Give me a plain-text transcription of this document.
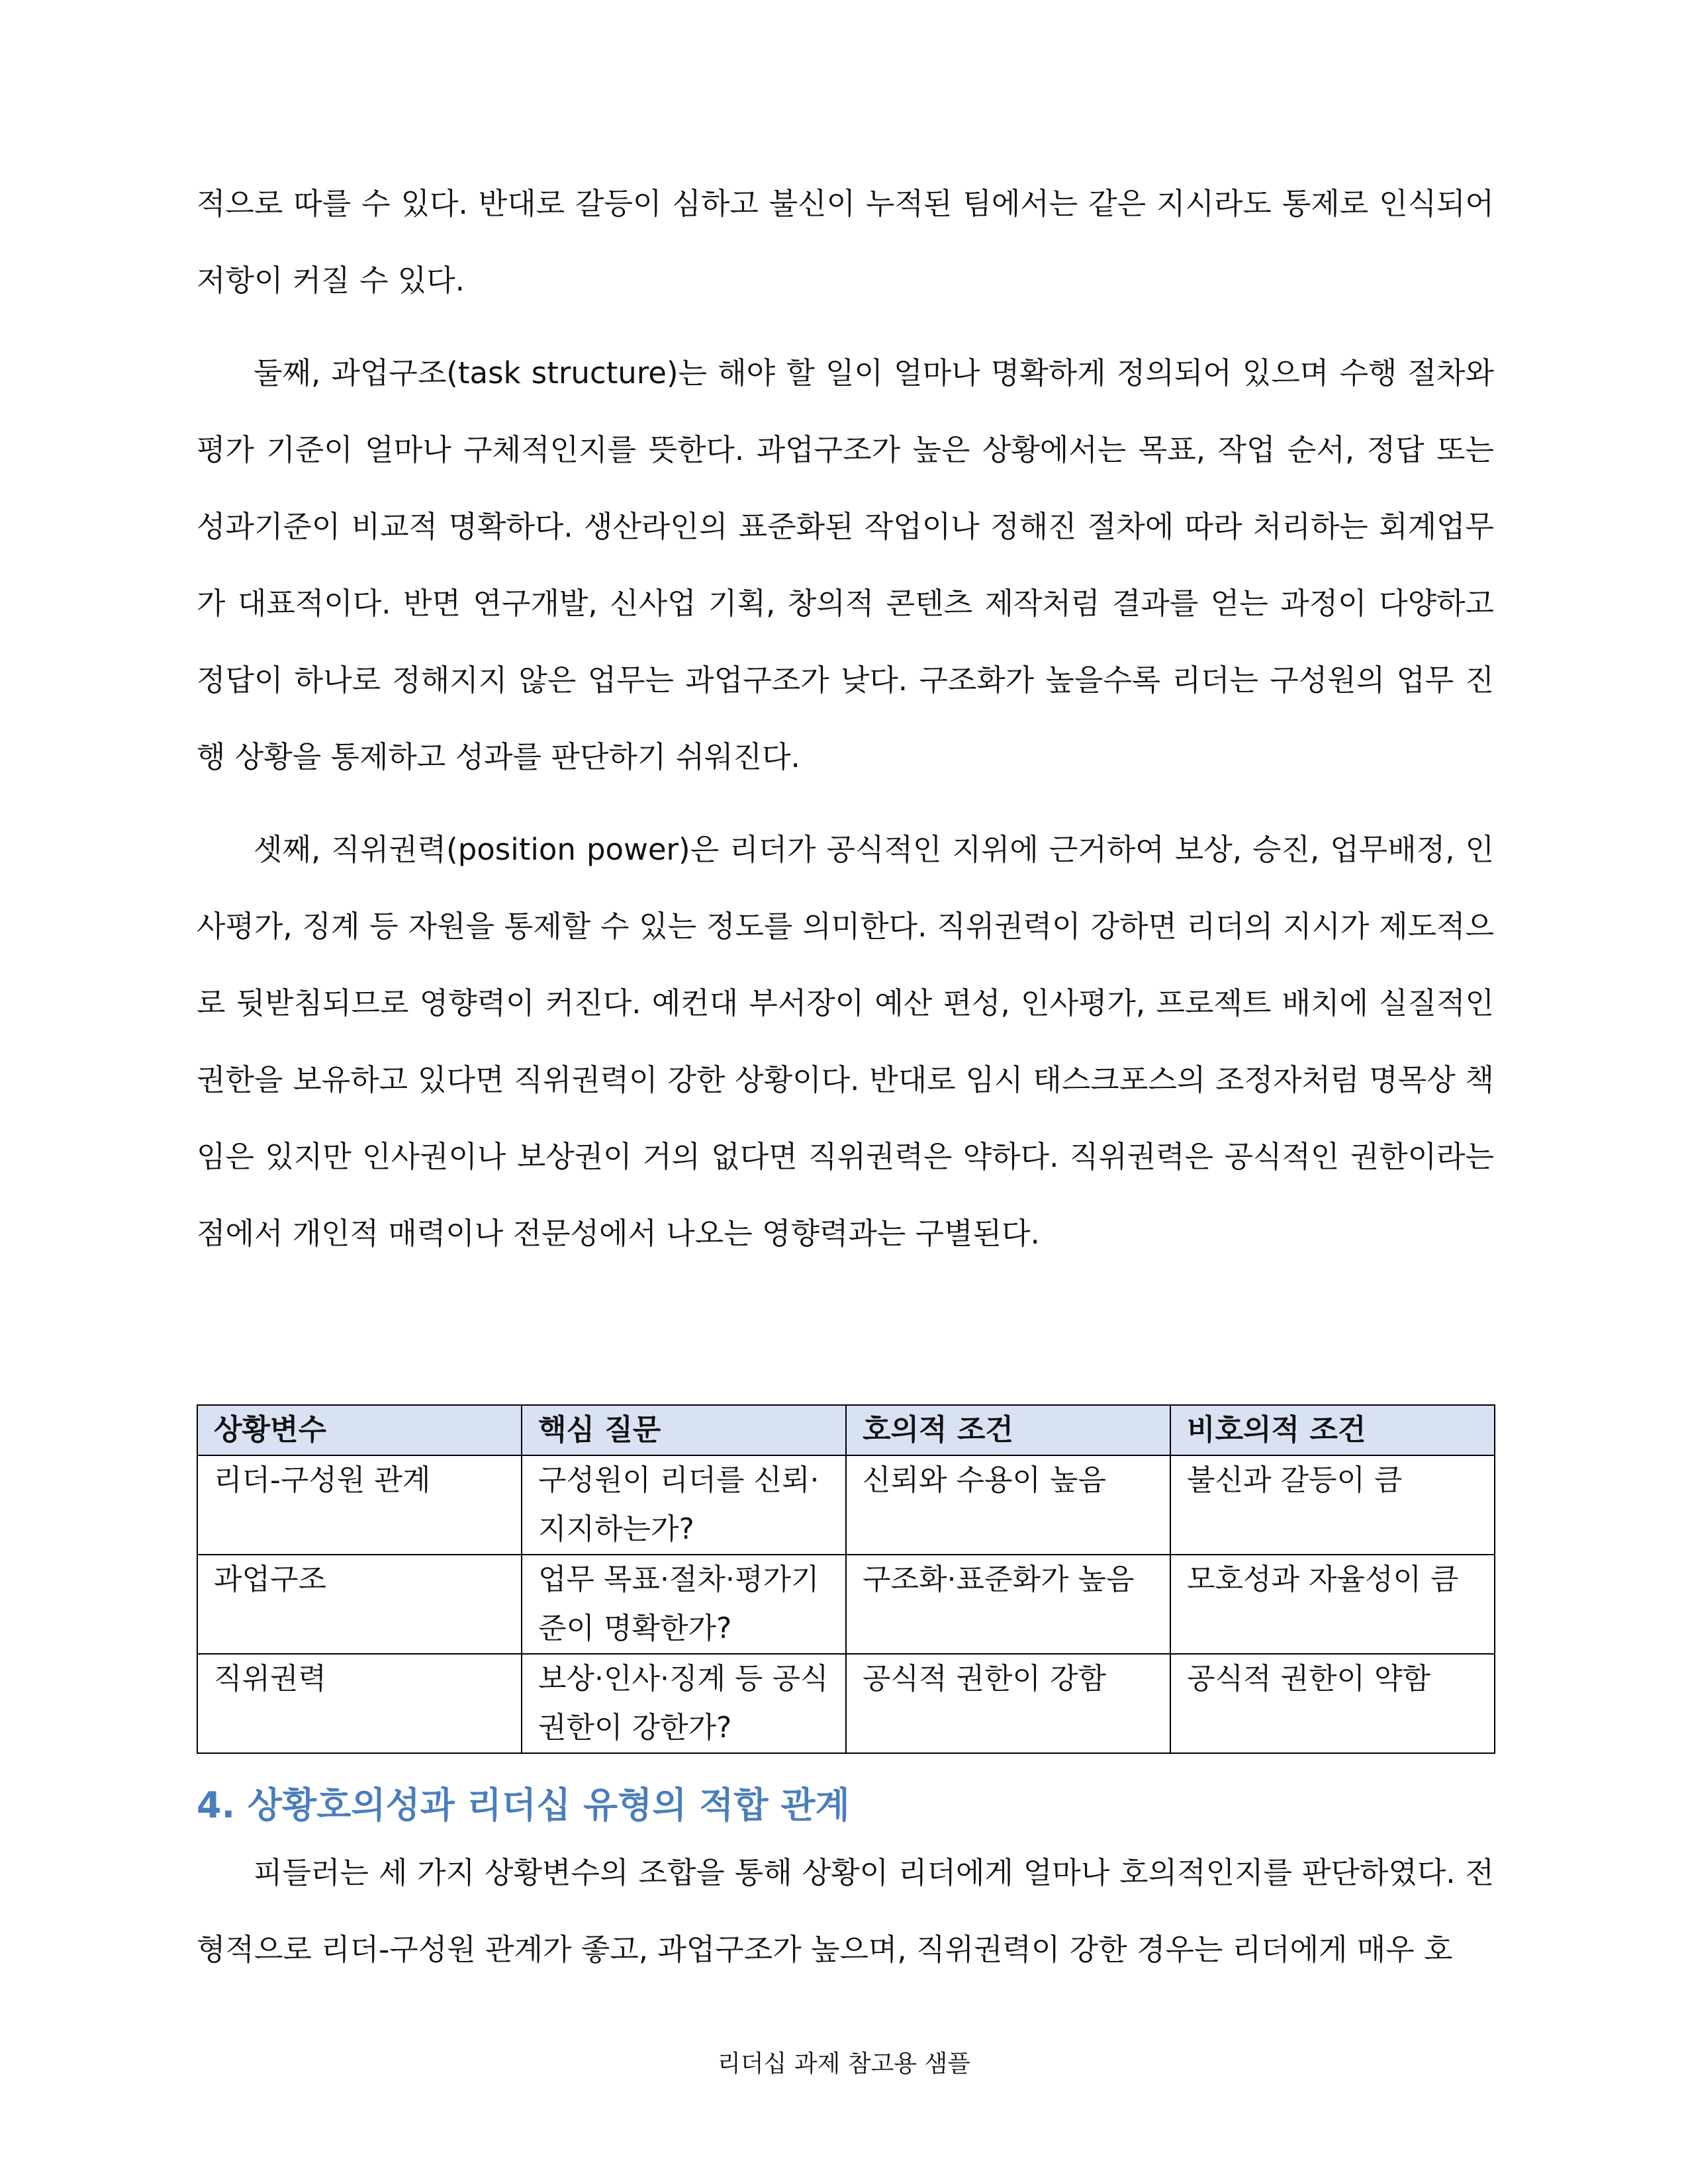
적으로 따를 수 있다. 반대로 갈등이 심하고 불신이 누적된 팀에서는 같은 지시라도 통제로 인식되어 저항이 커질 수 있다.

둘째, 과업구조(task structure)는 해야 할 일이 얼마나 명확하게 정의되어 있으며 수행 절차와 평가 기준이 얼마나 구체적인지를 뜻한다. 과업구조가 높은 상황에서는 목표, 작업 순서, 정답 또는 성과기준이 비교적 명확하다. 생산라인의 표준화된 작업이나 정해진 절차에 따라 처리하는 회계업무가 대표적이다. 반면 연구개발, 신사업 기획, 창의적 콘텐츠 제작처럼 결과를 얻는 과정이 다양하고 정답이 하나로 정해지지 않은 업무는 과업구조가 낮다. 구조화가 높을수록 리더는 구성원의 업무 진행 상황을 통제하고 성과를 판단하기 쉬워진다.

셋째, 직위권력(position power)은 리더가 공식적인 지위에 근거하여 보상, 승진, 업무배정, 인사평가, 징계 등 자원을 통제할 수 있는 정도를 의미한다. 직위권력이 강하면 리더의 지시가 제도적으로 뒷받침되므로 영향력이 커진다. 예컨대 부서장이 예산 편성, 인사평가, 프로젝트 배치에 실질적인 권한을 보유하고 있다면 직위권력이 강한 상황이다. 반대로 임시 태스크포스의 조정자처럼 명목상 책임은 있지만 인사권이나 보상권이 거의 없다면 직위권력은 약하다. 직위권력은 공식적인 권한이라는 점에서 개인적 매력이나 전문성에서 나오는 영향력과는 구별된다.

상황변수	핵심 질문	호의적 조건	비호의적 조건
리더-구성원 관계	구성원이 리더를 신뢰·지지하는가?	신뢰와 수용이 높음	불신과 갈등이 큼
과업구조	업무 목표·절차·평가기준이 명확한가?	구조화·표준화가 높음	모호성과 자율성이 큼
직위권력	보상·인사·징계 등 공식 권한이 강한가?	공식적 권한이 강함	공식적 권한이 약함
4. 상황호의성과 리더십 유형의 적합 관계

피들러는 세 가지 상황변수의 조합을 통해 상황이 리더에게 얼마나 호의적인지를 판단하였다. 전형적으로 리더-구성원 관계가 좋고, 과업구조가 높으며, 직위권력이 강한 경우는 리더에게 매우 호

리더십 과제 참고용 샘플
